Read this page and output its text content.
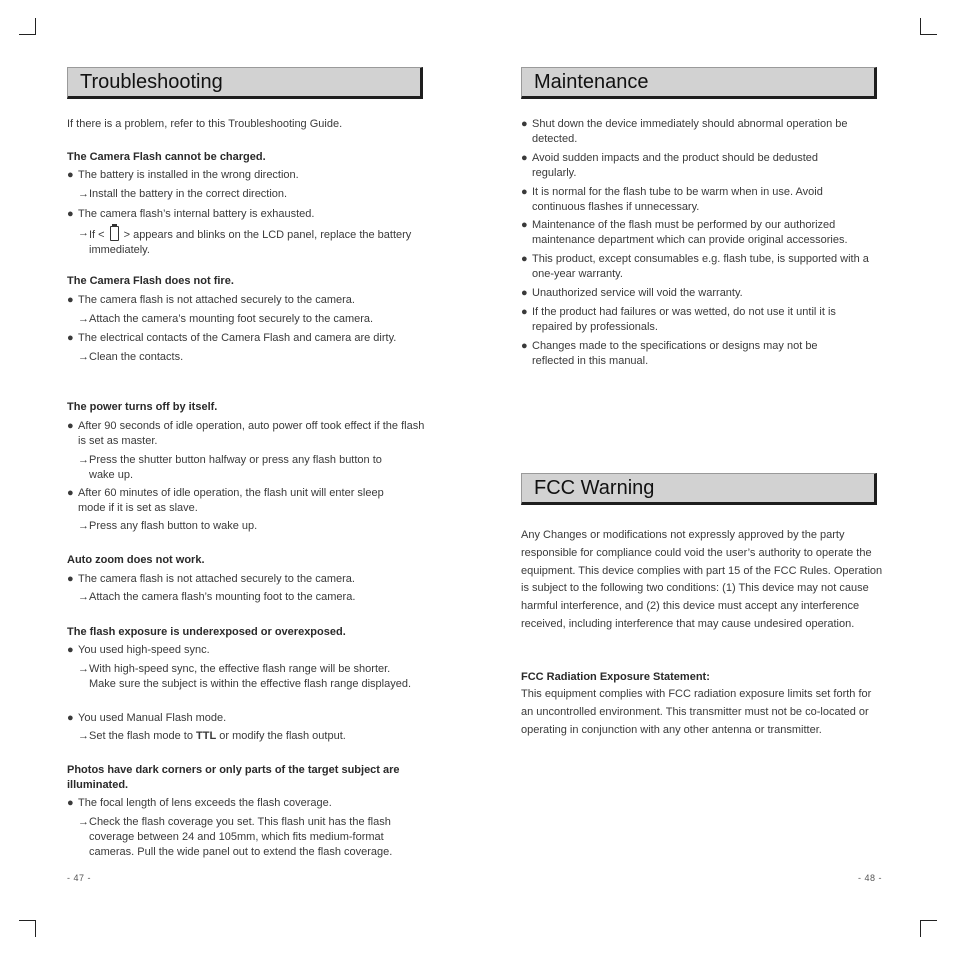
Troubleshooting
If there is a problem, refer to this Troubleshooting Guide.
The Camera Flash cannot be charged.
● The battery is installed in the wrong direction.
→ Install the battery in the correct direction.
● The camera flash’s internal battery is exhausted.
→ If < > appears and blinks on the LCD panel, replace the battery immediately.
The Camera Flash does not fire.
● The camera flash is not attached securely to the camera.
→ Attach the camera’s mounting foot securely to the camera.
● The electrical contacts of the Camera Flash and camera are dirty.
→ Clean the contacts.
The power turns off by itself.
● After 90 seconds of idle operation, auto power off took effect if the flash is set as master.
→ Press the shutter button halfway or press any flash button to wake up.
● After 60 minutes of idle operation, the flash unit will enter sleep mode if it is set as slave.
→ Press any flash button to wake up.
Auto zoom does not work.
● The camera flash is not attached securely to the camera.
→ Attach the camera flash’s mounting foot to the camera.
The flash exposure is underexposed or overexposed.
● You used high-speed sync.
→ With high-speed sync, the effective flash range will be shorter. Make sure the subject is within the effective flash range displayed.
● You used Manual Flash mode.
→ Set the flash mode to TTL or modify the flash output.
Photos have dark corners or only parts of the target subject are illuminated.
● The focal length of lens exceeds the flash coverage.
→ Check the flash coverage you set. This flash unit has the flash coverage between 24 and 105mm, which fits medium-format cameras. Pull the wide panel out to extend the flash coverage.
- 47 -
Maintenance
● Shut down the device immediately should abnormal operation be detected.
● Avoid sudden impacts and the product should be dedusted regularly.
● It is normal for the flash tube to be warm when in use. Avoid continuous flashes if unnecessary.
● Maintenance of the flash must be performed by our authorized maintenance department which can provide original accessories.
● This product, except consumables e.g. flash tube, is supported with a one-year warranty.
● Unauthorized service will void the warranty.
● If the product had failures or was wetted, do not use it until it is repaired by professionals.
● Changes made to the specifications or designs may not be reflected in this manual.
FCC Warning
Any Changes or modifications not expressly approved by the party responsible for compliance could void the user’s authority to operate the equipment. This device complies with part 15 of the FCC Rules. Operation is subject to the following two conditions: (1) This device may not cause harmful interference, and (2) this device must accept any interference received, including interference that may cause undesired operation.
FCC Radiation Exposure Statement:
This equipment complies with FCC radiation exposure limits set forth for an uncontrolled environment. This transmitter must not be co-located or operating in conjunction with any other antenna or transmitter.
- 48 -
